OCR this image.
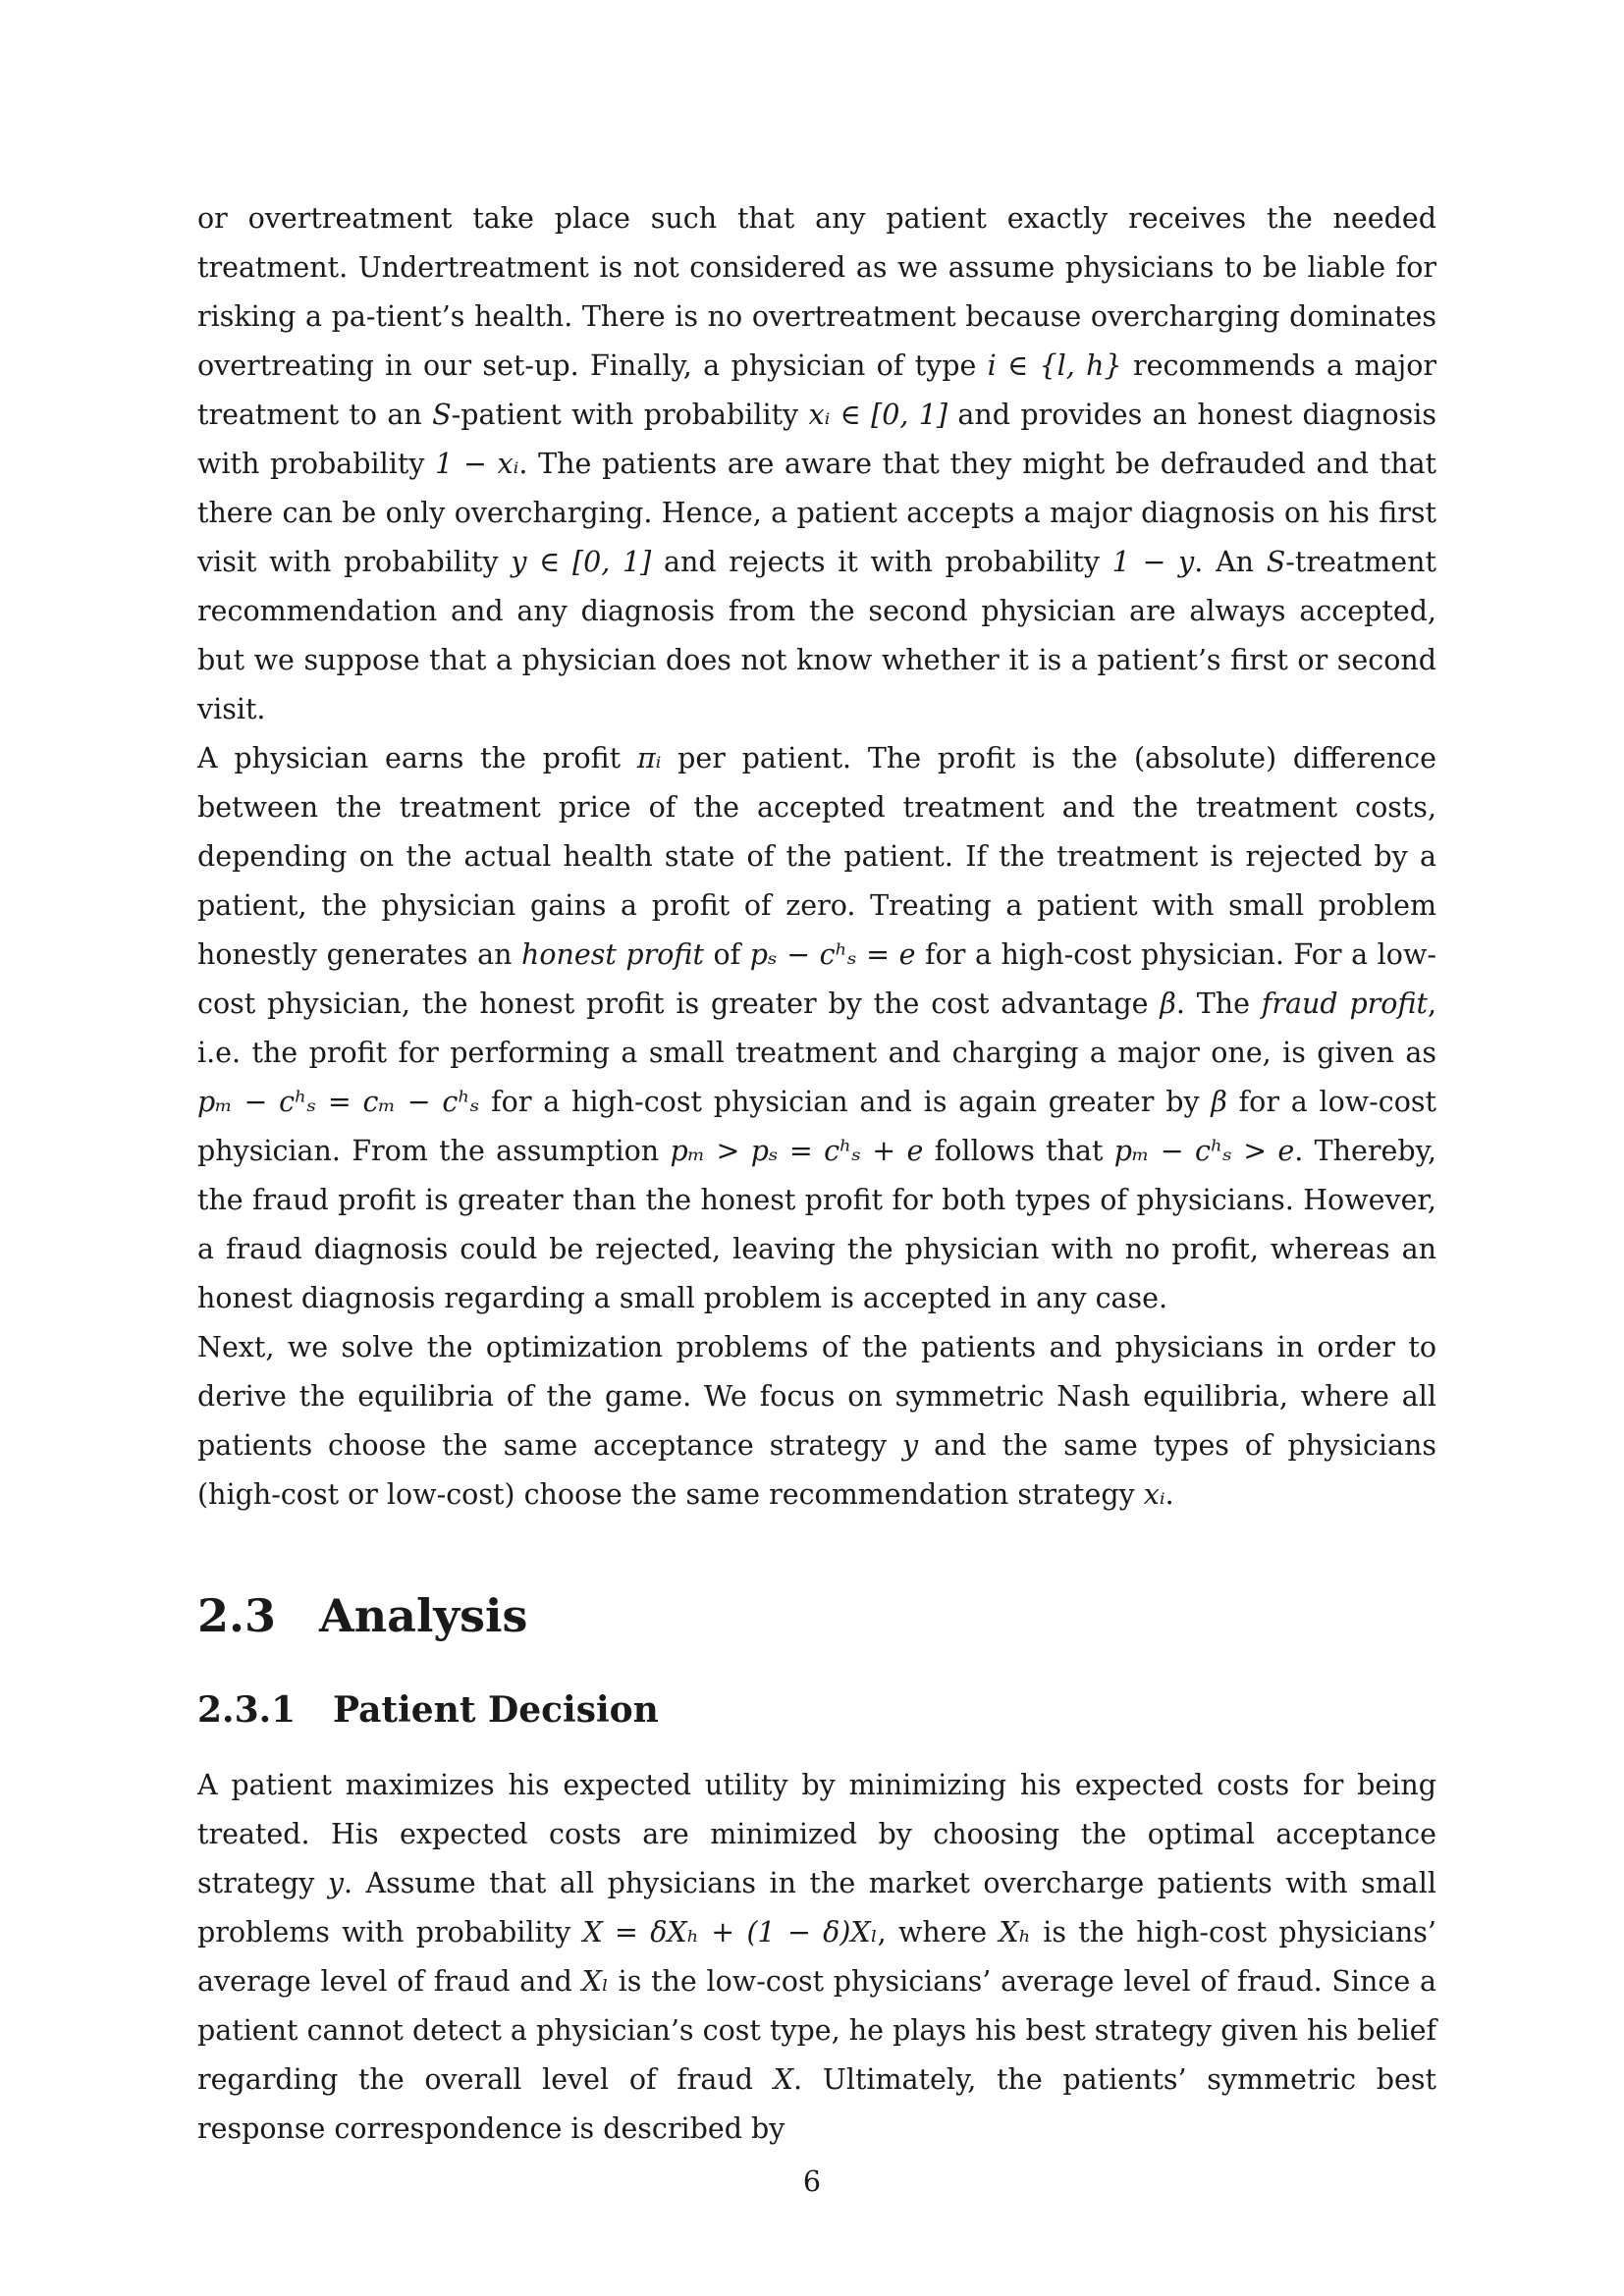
or overtreatment take place such that any patient exactly receives the needed treatment. Undertreatment is not considered as we assume physicians to be liable for risking a pa-tient’s health. There is no overtreatment because overcharging dominates overtreating in our set-up. Finally, a physician of type i ∈ {l, h} recommends a major treatment to an S-patient with probability xᵢ ∈ [0, 1] and provides an honest diagnosis with probability 1 − xᵢ. The patients are aware that they might be defrauded and that there can be only overcharging. Hence, a patient accepts a major diagnosis on his first visit with probability y ∈ [0, 1] and rejects it with probability 1 − y. An S-treatment recommendation and any diagnosis from the second physician are always accepted, but we suppose that a physician does not know whether it is a patient’s first or second visit.

A physician earns the profit πᵢ per patient. The profit is the (absolute) difference between the treatment price of the accepted treatment and the treatment costs, depending on the actual health state of the patient. If the treatment is rejected by a patient, the physician gains a profit of zero. Treating a patient with small problem honestly generates an honest profit of pₛ − cʰₛ = e for a high-cost physician. For a low-cost physician, the honest profit is greater by the cost advantage β. The fraud profit, i.e. the profit for performing a small treatment and charging a major one, is given as pₘ − cʰₛ = cₘ − cʰₛ for a high-cost physician and is again greater by β for a low-cost physician. From the assumption pₘ > pₛ = cʰₛ + e follows that pₘ − cʰₛ > e. Thereby, the fraud profit is greater than the honest profit for both types of physicians. However, a fraud diagnosis could be rejected, leaving the physician with no profit, whereas an honest diagnosis regarding a small problem is accepted in any case.

Next, we solve the optimization problems of the patients and physicians in order to derive the equilibria of the game. We focus on symmetric Nash equilibria, where all patients choose the same acceptance strategy y and the same types of physicians (high-cost or low-cost) choose the same recommendation strategy xᵢ.

2.3 Analysis
2.3.1 Patient Decision

A patient maximizes his expected utility by minimizing his expected costs for being treated. His expected costs are minimized by choosing the optimal acceptance strategy y. Assume that all physicians in the market overcharge patients with small problems with probability X = δXₕ + (1 − δ)Xₗ, where Xₕ is the high-cost physicians’ average level of fraud and Xₗ is the low-cost physicians’ average level of fraud. Since a patient cannot detect a physician’s cost type, he plays his best strategy given his belief regarding the overall level of fraud X. Ultimately, the patients’ symmetric best response correspondence is described by

6
